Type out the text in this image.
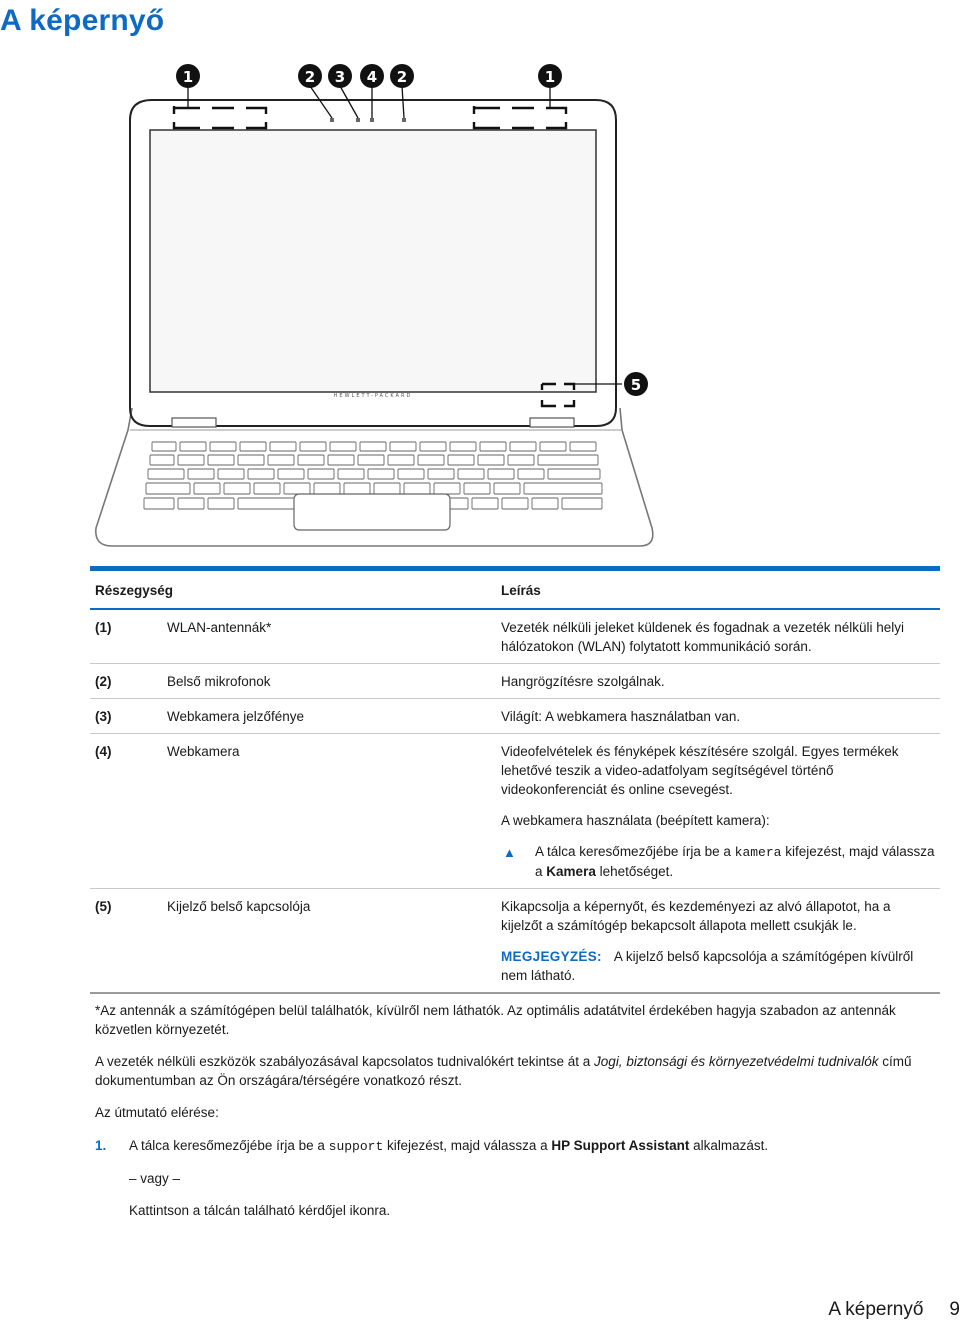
A képernyő
HEWLETT-PACKARD
1	2 3 4 2	1
5
Részegység		Leírás
(1)	WLAN-antennák*	Vezeték nélküli jeleket küldenek és fogadnak a vezeték nélküli helyi hálózatokon (WLAN) folytatott kommunikáció során.

(2)	Belső mikrofonok	Hangrögzítésre szolgálnak.

(3)	Webkamera jelzőfénye	Világít: A webkamera használatban van.

(4)	Webkamera	Videofelvételek és fényképek készítésére szolgál. Egyes termékek lehetővé teszik a video-adatfolyam segítségével történő videokonferenciát és online csevegést.

A webkamera használata (beépített kamera):

▲ A tálca keresőmezőjébe írja be a kamera kifejezést, majd válassza a Kamera lehetőséget.

(5)	Kijelző belső kapcsolója	Kikapcsolja a képernyőt, és kezdeményezi az alvó állapotot, ha a kijelzőt a számítógép bekapcsolt állapota mellett csukják le.

MEGJEGYZÉS: A kijelző belső kapcsolója a számítógépen kívülről nem látható.

*Az antennák a számítógépen belül találhatók, kívülről nem láthatók. Az optimális adatátvitel érdekében hagyja szabadon az antennák közvetlen környezetét.

A vezeték nélküli eszközök szabályozásával kapcsolatos tudnivalókért tekintse át a Jogi, biztonsági és környezetvédelmi tudnivalók című dokumentumban az Ön országára/térségére vonatkozó részt.

Az útmutató elérése:

1. A tálca keresőmezőjébe írja be a support kifejezést, majd válassza a HP Support Assistant alkalmazást.

– vagy –

Kattintson a tálcán található kérdőjel ikonra.

A képernyő 9
